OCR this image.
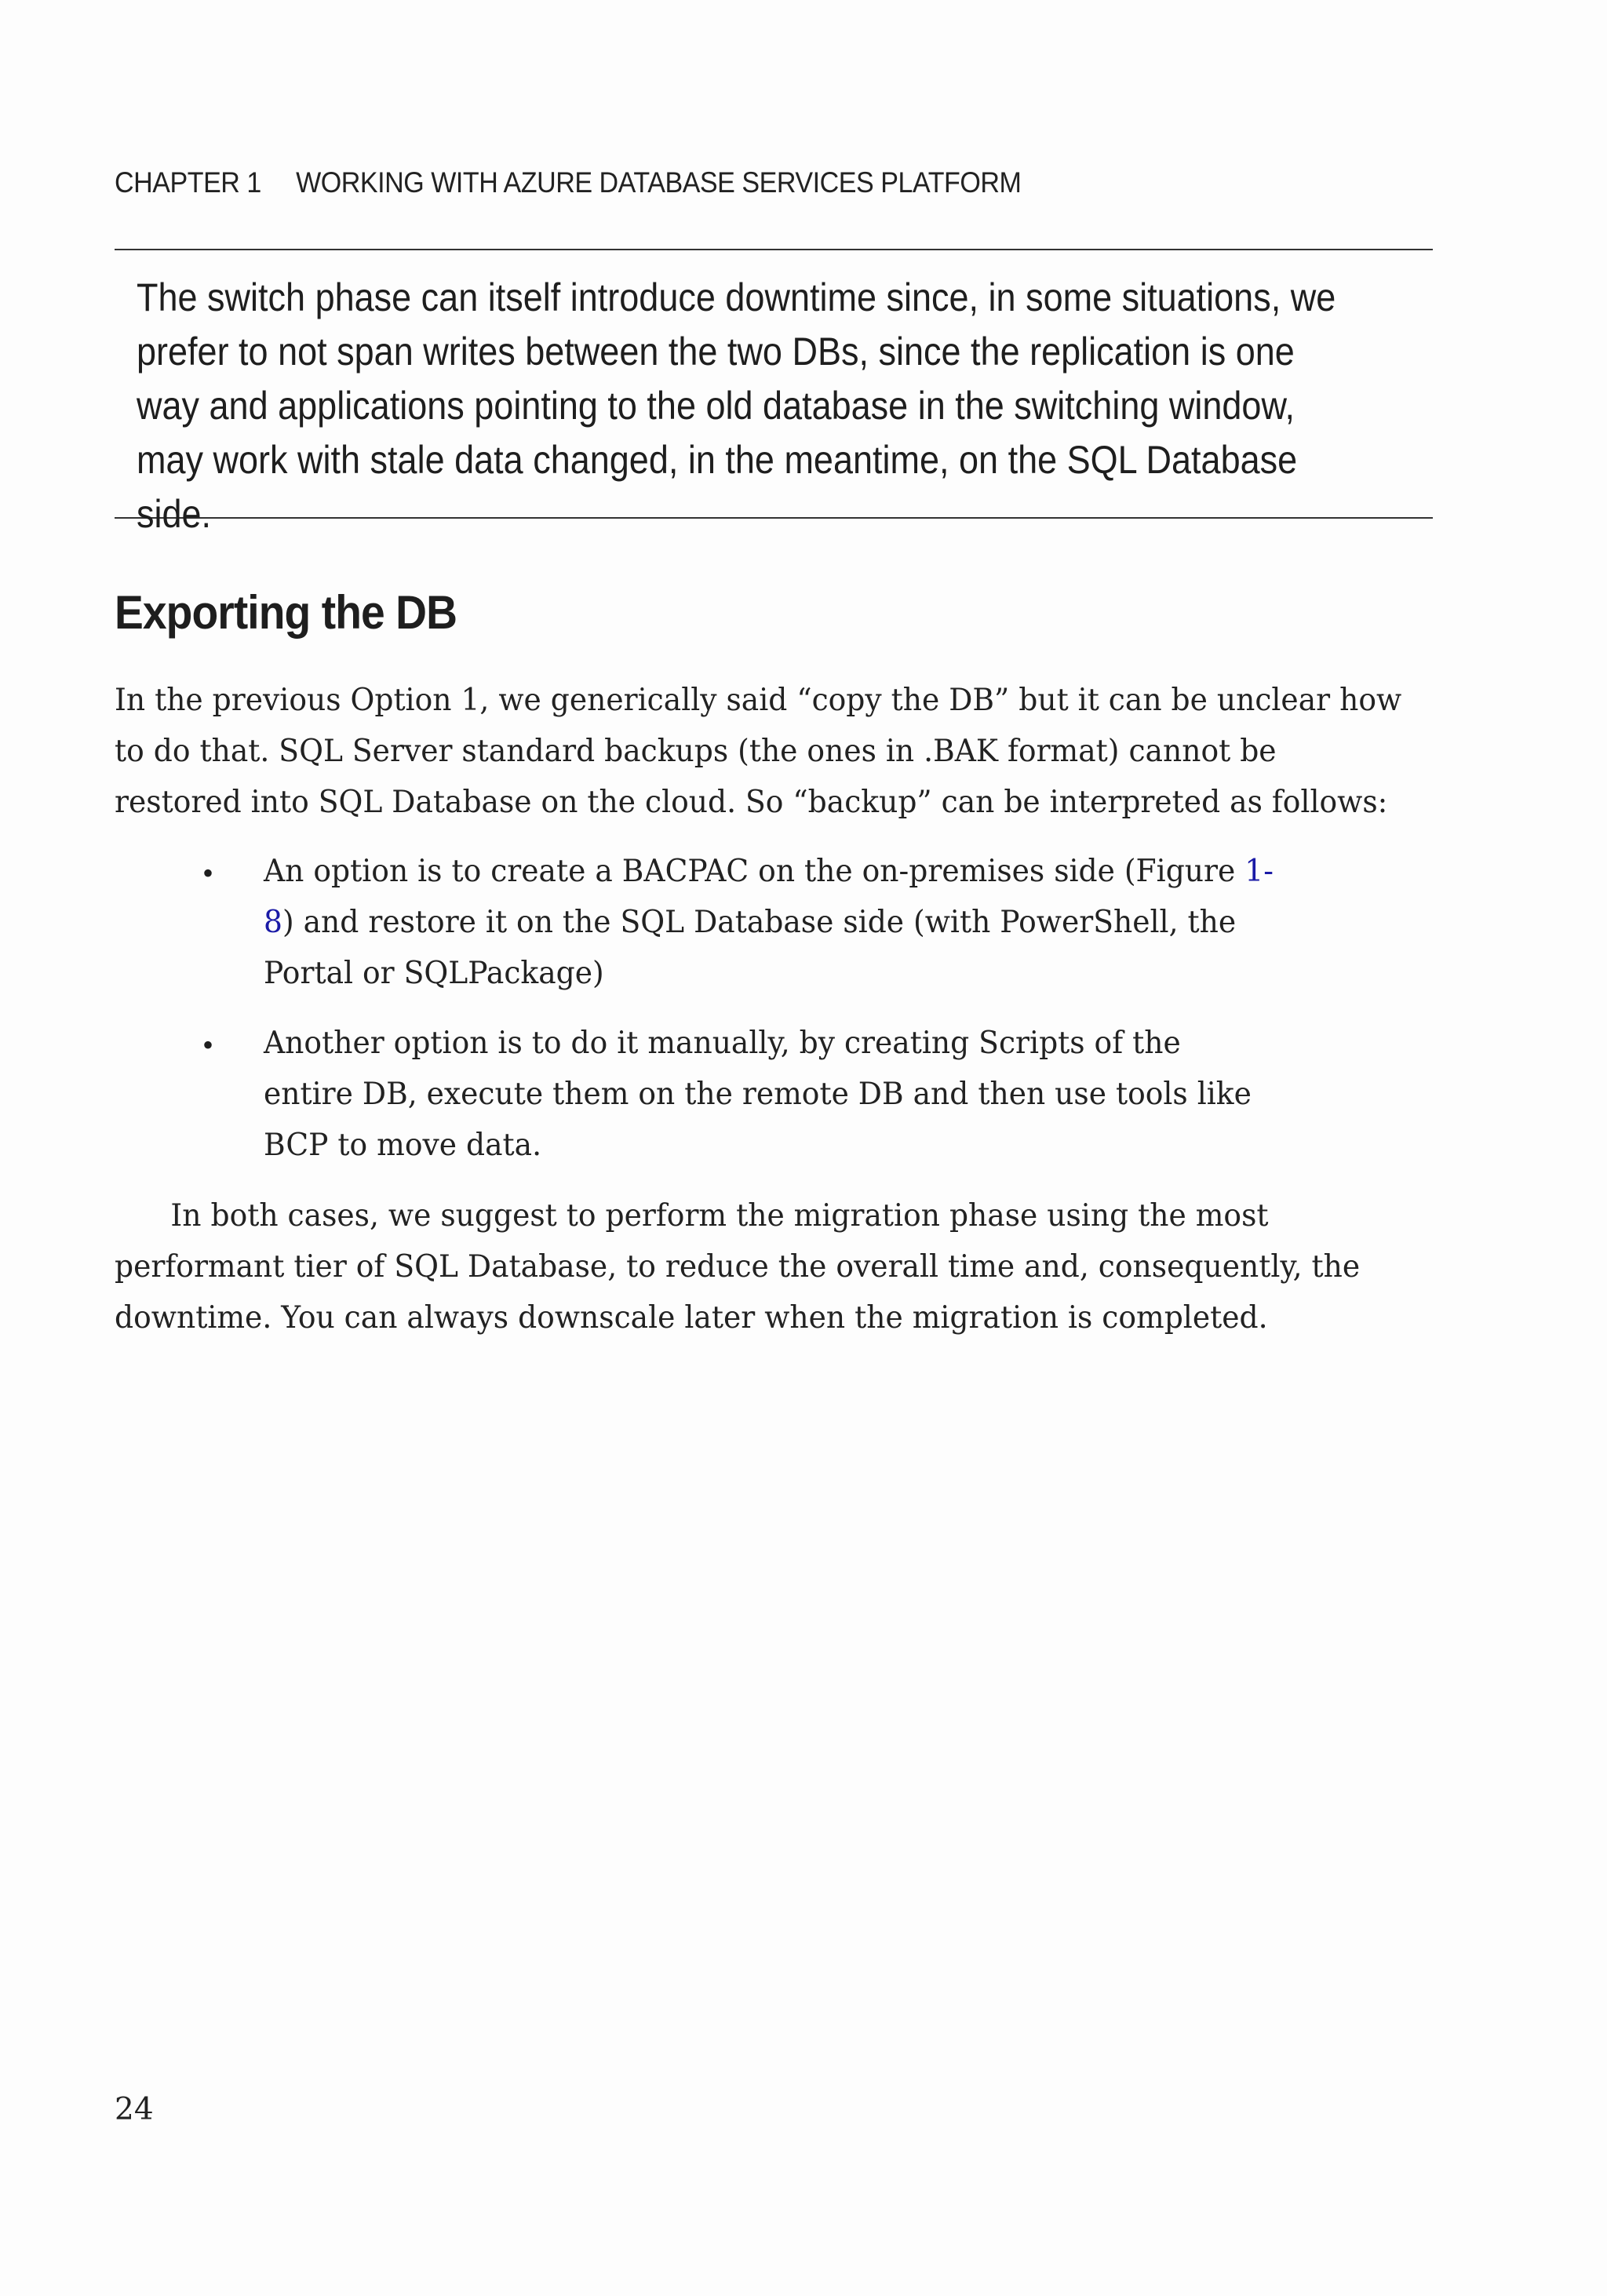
CHAPTER 1 WORKING WITH AZURE DATABASE SERVICES PLATFORM

The switch phase can itself introduce downtime since, in some situations, we prefer to not span writes between the two DBs, since the replication is one way and applications pointing to the old database in the switching window, may work with stale data changed, in the meantime, on the SQL Database side.

Exporting the DB

In the previous Option 1, we generically said “copy the DB” but it can be unclear how to do that. SQL Server standard backups (the ones in .BAK format) cannot be restored into SQL Database on the cloud. So “backup” can be interpreted as follows:

• An option is to create a BACPAC on the on-premises side (Figure 1-8) and restore it on the SQL Database side (with PowerShell, the Portal or SQLPackage)
• Another option is to do it manually, by creating Scripts of the entire DB, execute them on the remote DB and then use tools like BCP to move data.

In both cases, we suggest to perform the migration phase using the most performant tier of SQL Database, to reduce the overall time and, consequently, the downtime. You can always downscale later when the migration is completed.

24
